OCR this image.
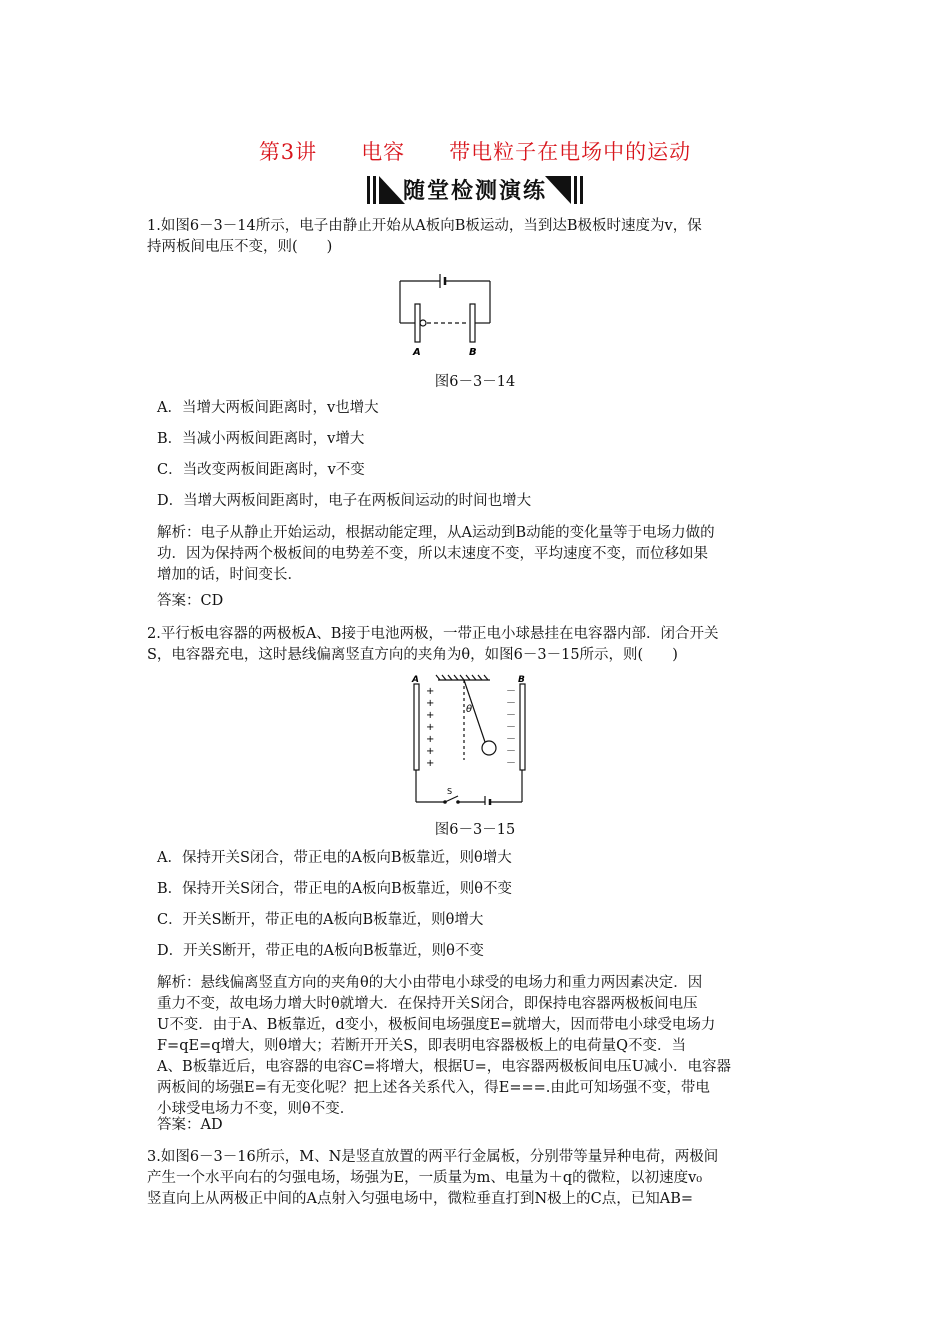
第3讲 电容 带电粒子在电场中的运动
随堂检测演练
1.如图6－3－14所示，电子由静止开始从A板向B板运动，当到达B极板时速度为v，保
持两板间电压不变，则(　　)
A	B
图6－3－14
A．当增大两板间距离时，v也增大
B．当减小两板间距离时，v增大
C．当改变两板间距离时，v不变
D．当增大两板间距离时，电子在两板间运动的时间也增大
解析：电子从静止开始运动，根据动能定理，从A运动到B动能的变化量等于电场力做的
功．因为保持两个极板间的电势差不变，所以末速度不变，平均速度不变，而位移如果
增加的话，时间变长．
答案：CD
2.平行板电容器的两极板A、B接于电池两极，一带正电小球悬挂在电容器内部．闭合开关
S，电容器充电，这时悬线偏离竖直方向的夹角为θ，如图6－3－15所示，则(　　)
A	B
θ
S
+
+
+
+
+
+
+
－
－
－
－
－
－
－
图6－3－15
A．保持开关S闭合，带正电的A板向B板靠近，则θ增大
B．保持开关S闭合，带正电的A板向B板靠近，则θ不变
C．开关S断开，带正电的A板向B板靠近，则θ增大
D．开关S断开，带正电的A板向B板靠近，则θ不变
解析：悬线偏离竖直方向的夹角θ的大小由带电小球受的电场力和重力两因素决定．因
重力不变，故电场力增大时θ就增大．在保持开关S闭合，即保持电容器两极板间电压
U不变．由于A、B板靠近，d变小，极板间电场强度E=就增大，因而带电小球受电场力
F=qE=q增大，则θ增大；若断开开关S，即表明电容器极板上的电荷量Q不变．当
A、B板靠近后，电容器的电容C=将增大，根据U=，电容器两极板间电压U减小．电容器
两板间的场强E=有无变化呢？把上述各关系代入，得E===.由此可知场强不变，带电
小球受电场力不变，则θ不变．
答案：AD
3.如图6－3－16所示，M、N是竖直放置的两平行金属板，分别带等量异种电荷，两极间
产生一个水平向右的匀强电场，场强为E，一质量为m、电量为＋q的微粒，以初速度v₀
竖直向上从两极正中间的A点射入匀强电场中，微粒垂直打到N极上的C点，已知AB=
